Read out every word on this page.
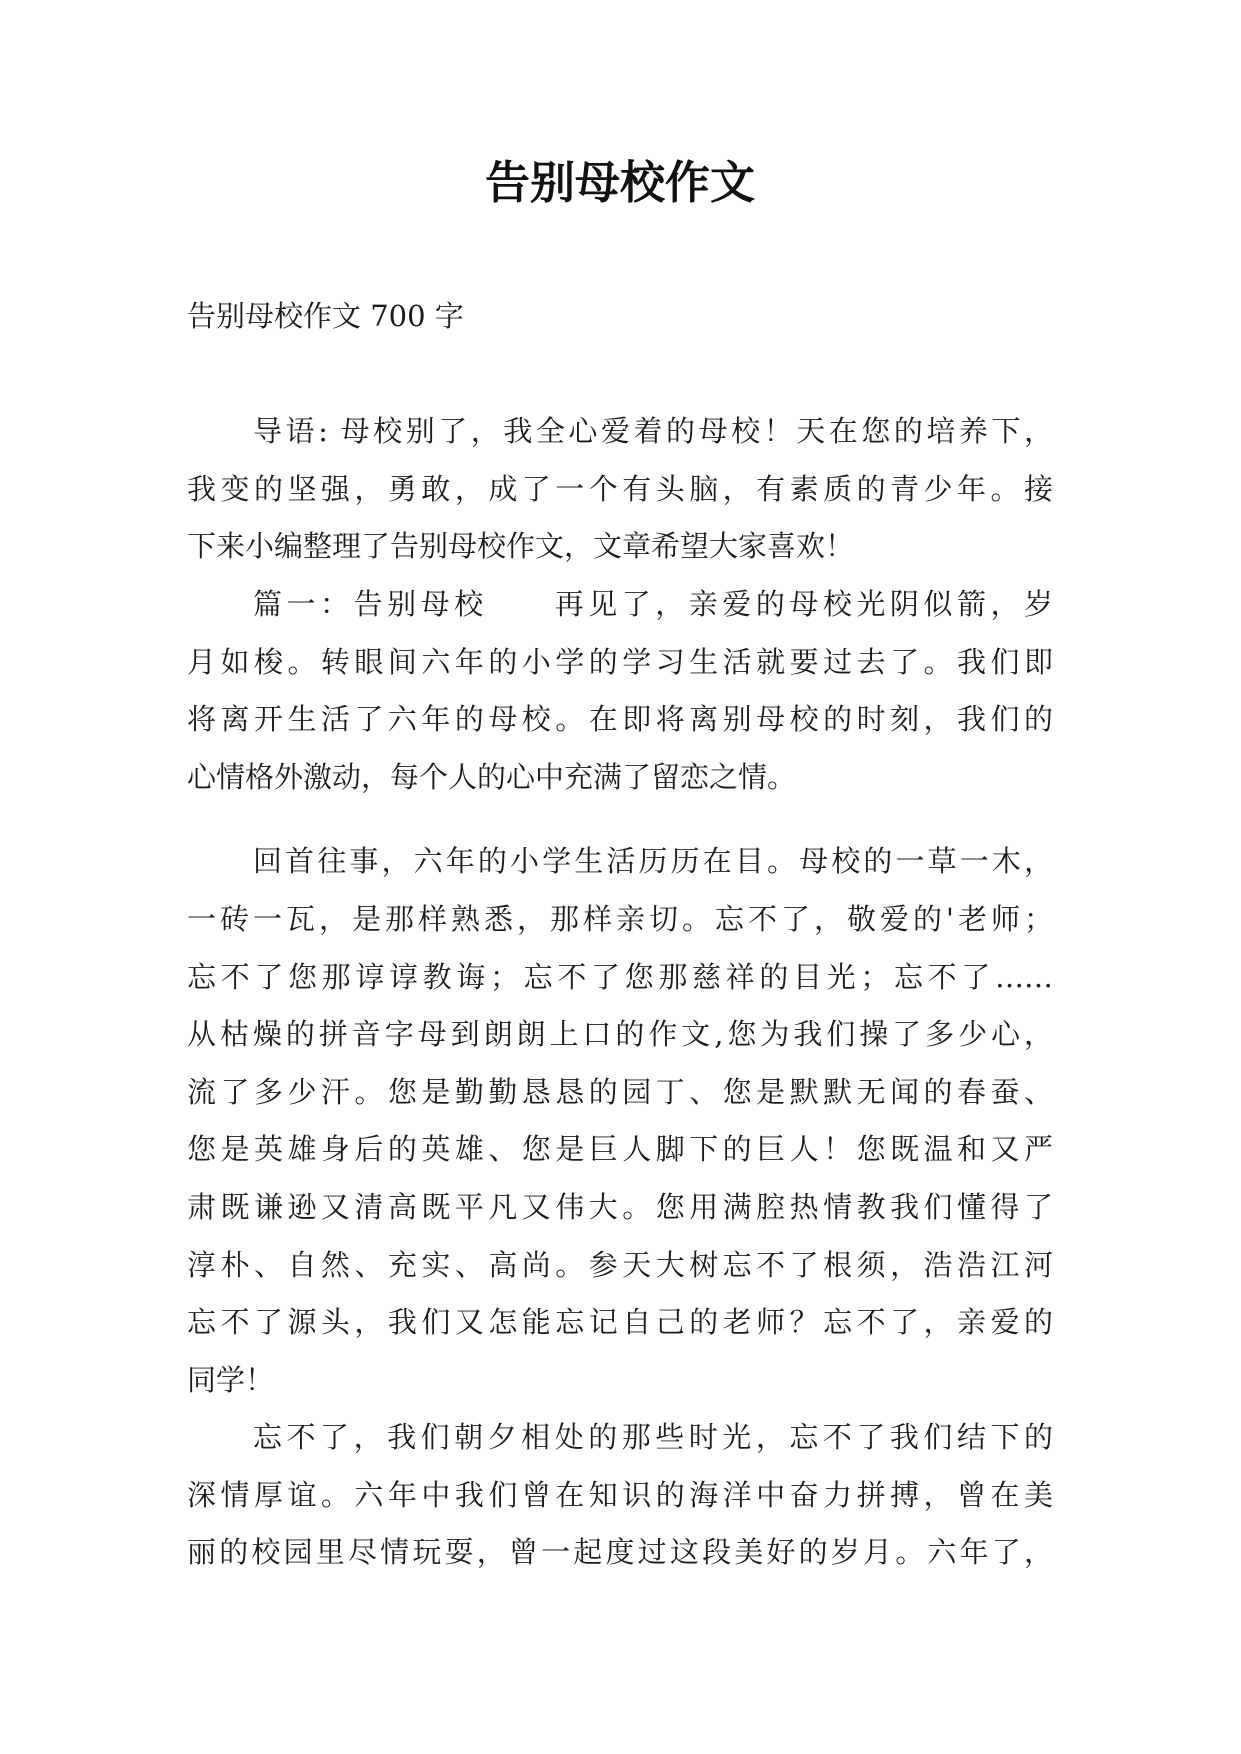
告别母校作文
告别母校作文 700 字
导语: 母校别了，我全心爱着的母校！天在您的培养下，
我变的坚强，勇敢，成了一个有头脑，有素质的青少年。接
下来小编整理了告别母校作文，文章希望大家喜欢！
篇一：告别母校　　再见了，亲爱的母校光阴似箭，岁
月如梭。转眼间六年的小学的学习生活就要过去了。我们即
将离开生活了六年的母校。在即将离别母校的时刻，我们的
心情格外激动，每个人的心中充满了留恋之情。
回首往事，六年的小学生活历历在目。母校的一草一木，
一砖一瓦，是那样熟悉，那样亲切。忘不了，敬爱的'老师；
忘不了您那谆谆教诲；忘不了您那慈祥的目光；忘不了……
从枯燥的拼音字母到朗朗上口的作文,您为我们操了多少心，
流了多少汗。您是勤勤恳恳的园丁、您是默默无闻的春蚕、
您是英雄身后的英雄、您是巨人脚下的巨人！您既温和又严
肃既谦逊又清高既平凡又伟大。您用满腔热情教我们懂得了
淳朴、自然、充实、高尚。参天大树忘不了根须，浩浩江河
忘不了源头，我们又怎能忘记自己的老师？忘不了，亲爱的
同学！
忘不了，我们朝夕相处的那些时光，忘不了我们结下的
深情厚谊。六年中我们曾在知识的海洋中奋力拼搏，曾在美
丽的校园里尽情玩耍，曾一起度过这段美好的岁月。六年了，
